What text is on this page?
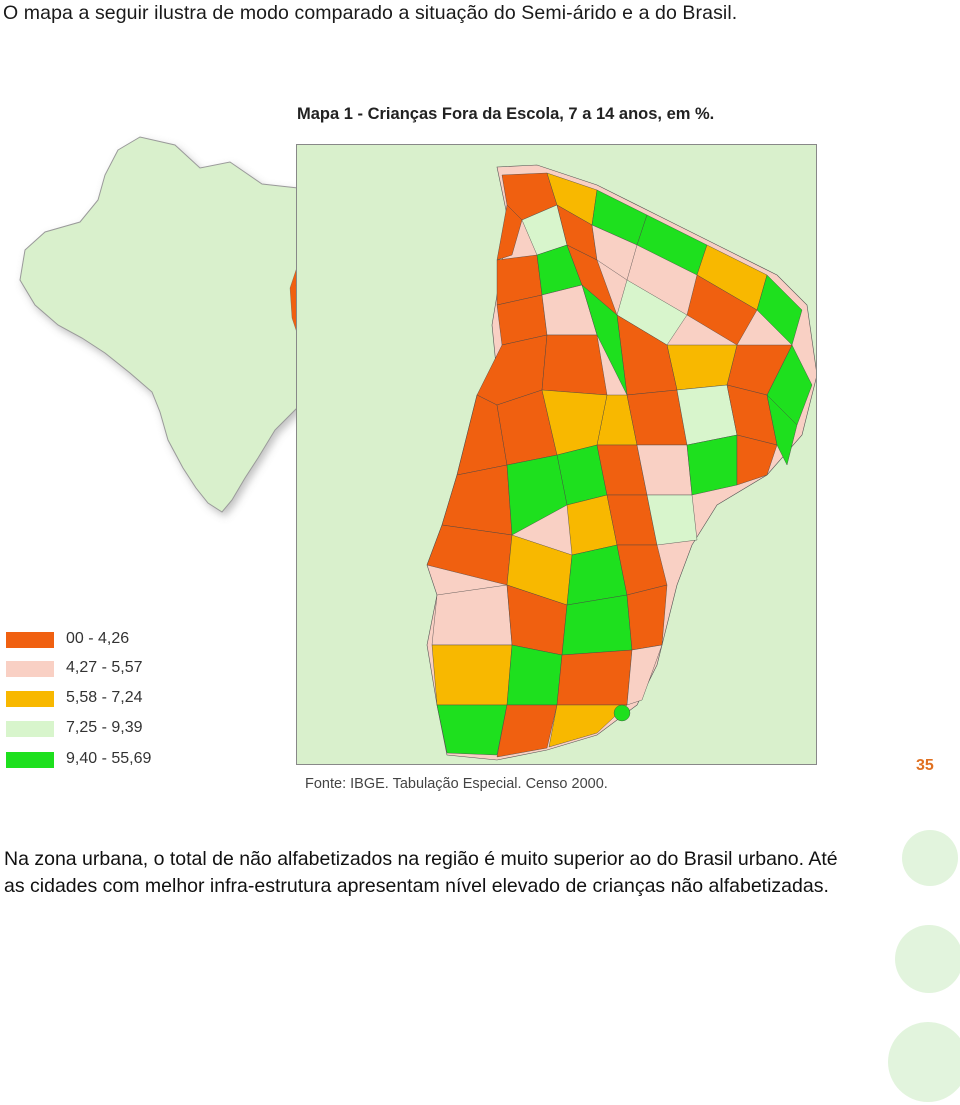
O mapa a seguir ilustra de modo comparado a situação do Semi-árido e a do Brasil.
Mapa 1 - Crianças Fora da Escola, 7 a 14 anos, em %.
00 - 4,26
4,27 - 5,57
5,58 - 7,24
7,25 - 9,39
9,40 - 55,69
Fonte: IBGE. Tabulação Especial. Censo 2000.
35
Na zona urbana, o total de não alfabetizados na região é muito superior ao do Brasil urbano. Até as cidades com melhor infra-estrutura apresentam nível elevado de crianças não alfabetizadas.
